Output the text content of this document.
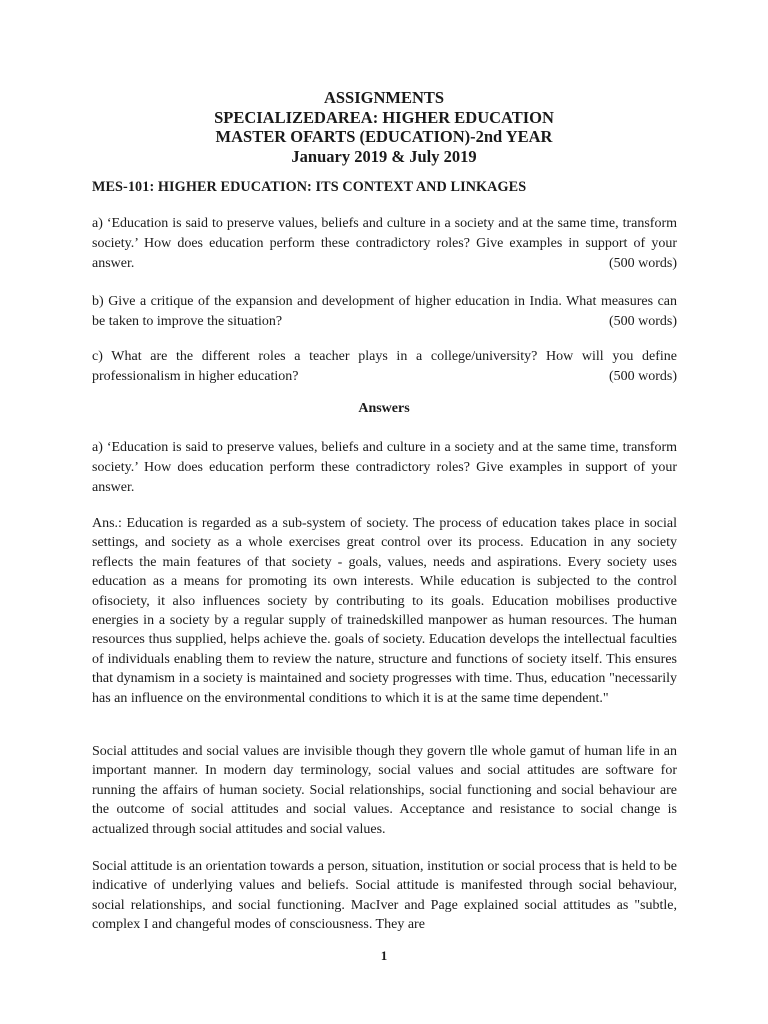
ASSIGNMENTS
SPECIALIZEDAREA: HIGHER EDUCATION
MASTER OFARTS (EDUCATION)-2nd YEAR
January 2019 & July 2019
MES-101: HIGHER EDUCATION: ITS CONTEXT AND LINKAGES
a) ‘Education is said to preserve values, beliefs and culture in a society and at the same time, transform society.’ How does education perform these contradictory roles? Give examples in support of your answer.	(500 words)
b) Give a critique of the expansion and development of higher education in India. What measures can be taken to improve the situation?	(500 words)
c) What are the different roles a teacher plays in a college/university? How will you define professionalism in higher education?	(500 words)
Answers
a) ‘Education is said to preserve values, beliefs and culture in a society and at the same time, transform society.’ How does education perform these contradictory roles? Give examples in support of your answer.
Ans.: Education is regarded as a sub-system of society. The process of education takes place in social settings, and society as a whole exercises great control over its process. Education in any society reflects the main features of that society - goals, values, needs and aspirations. Every society uses education as a means for promoting its own interests. While education is subjected to the control ofisociety, it also influences society by contributing to its goals. Education mobilises productive energies in a society by a regular supply of trainedskilled manpower as human resources. The human resources thus supplied, helps achieve the. goals of society. Education develops the intellectual faculties of individuals enabling them to review the nature, structure and functions of society itself. This ensures that dynamism in a society is maintained and society progresses with time. Thus, education "necessarily has an influence on the environmental conditions to which it is at the same time dependent."
Social attitudes and social values are invisible though they govern tlle whole gamut of human life in an important manner. In modern day terminology, social values and social attitudes are software for running the affairs of human society. Social relationships, social functioning and social behaviour are the outcome of social attitudes and social values. Acceptance and resistance to social change is actualized through social attitudes and social values.
Social attitude is an orientation towards a person, situation, institution or social process that is held to be indicative of underlying values and beliefs. Social attitude is manifested through social behaviour, social relationships, and social functioning. MacIver and Page explained social attitudes as "subtle, complex I and changeful modes of consciousness. They are
1
